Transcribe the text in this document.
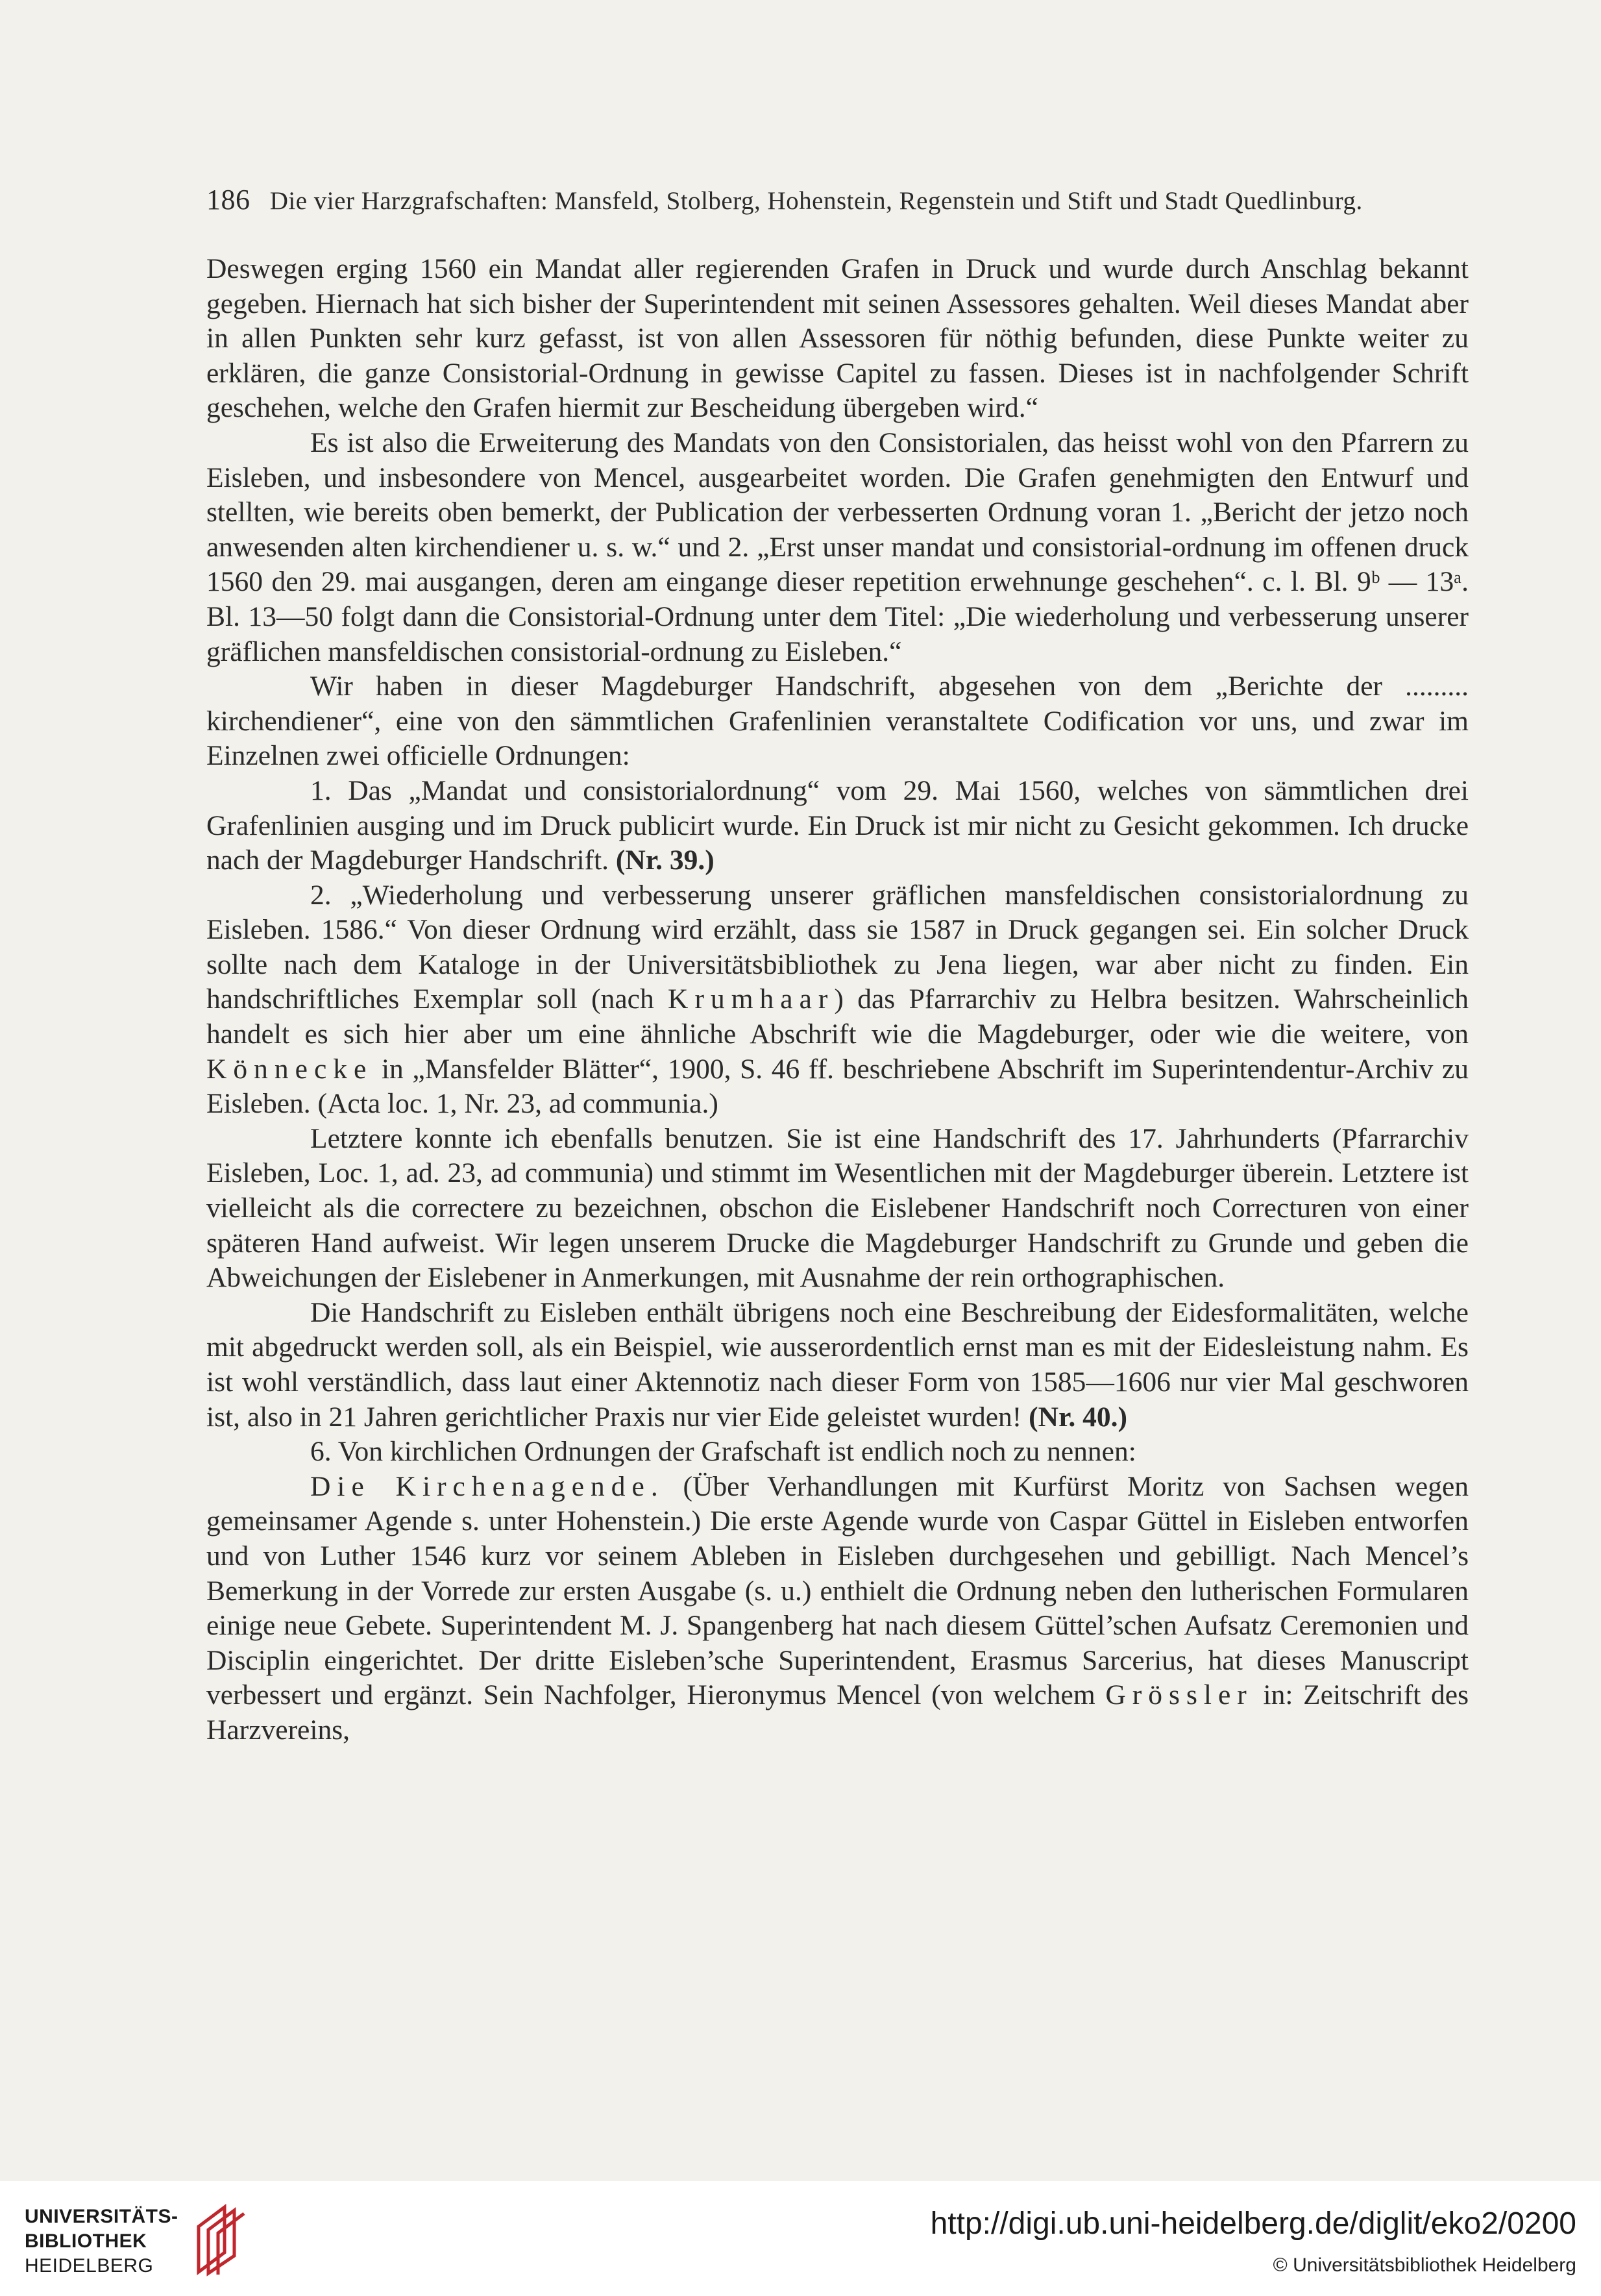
186 Die vier Harzgrafschaften: Mansfeld, Stolberg, Hohenstein, Regenstein und Stift und Stadt Quedlinburg.

Deswegen erging 1560 ein Mandat aller regierenden Grafen in Druck und wurde durch Anschlag bekannt gegeben. Hiernach hat sich bisher der Superintendent mit seinen Assessores gehalten. Weil dieses Mandat aber in allen Punkten sehr kurz gefasst, ist von allen Assessoren für nöthig befunden, diese Punkte weiter zu erklären, die ganze Consistorial-Ordnung in gewisse Capitel zu fassen. Dieses ist in nachfolgender Schrift geschehen, welche den Grafen hiermit zur Bescheidung übergeben wird.“

Es ist also die Erweiterung des Mandats von den Consistorialen, das heisst wohl von den Pfarrern zu Eisleben, und insbesondere von Mencel, ausgearbeitet worden. Die Grafen genehmigten den Entwurf und stellten, wie bereits oben bemerkt, der Publication der verbesserten Ordnung voran 1. „Bericht der jetzo noch anwesenden alten kirchendiener u. s. w.“ und 2. „Erst unser mandat und consistorial-ordnung im offenen druck 1560 den 29. mai ausgangen, deren am eingange dieser repetition erwehnunge geschehen“. c. l. Bl. 9ᵇ — 13ᵃ. Bl. 13—50 folgt dann die Consistorial-Ordnung unter dem Titel: „Die wiederholung und verbesserung unserer gräflichen mansfeldischen consistorial-ordnung zu Eisleben.“

Wir haben in dieser Magdeburger Handschrift, abgesehen von dem „Berichte der ......... kirchendiener“, eine von den sämmtlichen Grafenlinien veranstaltete Codification vor uns, und zwar im Einzelnen zwei officielle Ordnungen:

1. Das „Mandat und consistorialordnung“ vom 29. Mai 1560, welches von sämmtlichen drei Grafenlinien ausging und im Druck publicirt wurde. Ein Druck ist mir nicht zu Gesicht gekommen. Ich drucke nach der Magdeburger Handschrift. (Nr. 39.)

2. „Wiederholung und verbesserung unserer gräflichen mansfeldischen consistorialordnung zu Eisleben. 1586.“ Von dieser Ordnung wird erzählt, dass sie 1587 in Druck gegangen sei. Ein solcher Druck sollte nach dem Kataloge in der Universitätsbibliothek zu Jena liegen, war aber nicht zu finden. Ein handschriftliches Exemplar soll (nach Krumhaar) das Pfarrarchiv zu Helbra besitzen. Wahrscheinlich handelt es sich hier aber um eine ähnliche Abschrift wie die Magdeburger, oder wie die weitere, von Könnecke in „Mansfelder Blätter“, 1900, S. 46 ff. beschriebene Abschrift im Superintendentur-Archiv zu Eisleben. (Acta loc. 1, Nr. 23, ad communia.)

Letztere konnte ich ebenfalls benutzen. Sie ist eine Handschrift des 17. Jahrhunderts (Pfarrarchiv Eisleben, Loc. 1, ad. 23, ad communia) und stimmt im Wesentlichen mit der Magdeburger überein. Letztere ist vielleicht als die correctere zu bezeichnen, obschon die Eislebener Handschrift noch Correcturen von einer späteren Hand aufweist. Wir legen unserem Drucke die Magdeburger Handschrift zu Grunde und geben die Abweichungen der Eislebener in Anmerkungen, mit Ausnahme der rein orthographischen.

Die Handschrift zu Eisleben enthält übrigens noch eine Beschreibung der Eidesformalitäten, welche mit abgedruckt werden soll, als ein Beispiel, wie ausserordentlich ernst man es mit der Eidesleistung nahm. Es ist wohl verständlich, dass laut einer Aktennotiz nach dieser Form von 1585—1606 nur vier Mal geschworen ist, also in 21 Jahren gerichtlicher Praxis nur vier Eide geleistet wurden! (Nr. 40.)

6. Von kirchlichen Ordnungen der Grafschaft ist endlich noch zu nennen:

Die Kirchenagende. (Über Verhandlungen mit Kurfürst Moritz von Sachsen wegen gemeinsamer Agende s. unter Hohenstein.) Die erste Agende wurde von Caspar Güttel in Eisleben entworfen und von Luther 1546 kurz vor seinem Ableben in Eisleben durchgesehen und gebilligt. Nach Mencel’s Bemerkung in der Vorrede zur ersten Ausgabe (s. u.) enthielt die Ordnung neben den lutherischen Formularen einige neue Gebete. Superintendent M. J. Spangenberg hat nach diesem Güttel’schen Aufsatz Ceremonien und Disciplin eingerichtet. Der dritte Eisleben’sche Superintendent, Erasmus Sarcerius, hat dieses Manuscript verbessert und ergänzt. Sein Nachfolger, Hieronymus Mencel (von welchem Grössler in: Zeitschrift des Harzvereins,

UNIVERSITÄTS-
BIBLIOTHEK
HEIDELBERG
http://digi.ub.uni-heidelberg.de/diglit/eko2/0200
© Universitätsbibliothek Heidelberg
